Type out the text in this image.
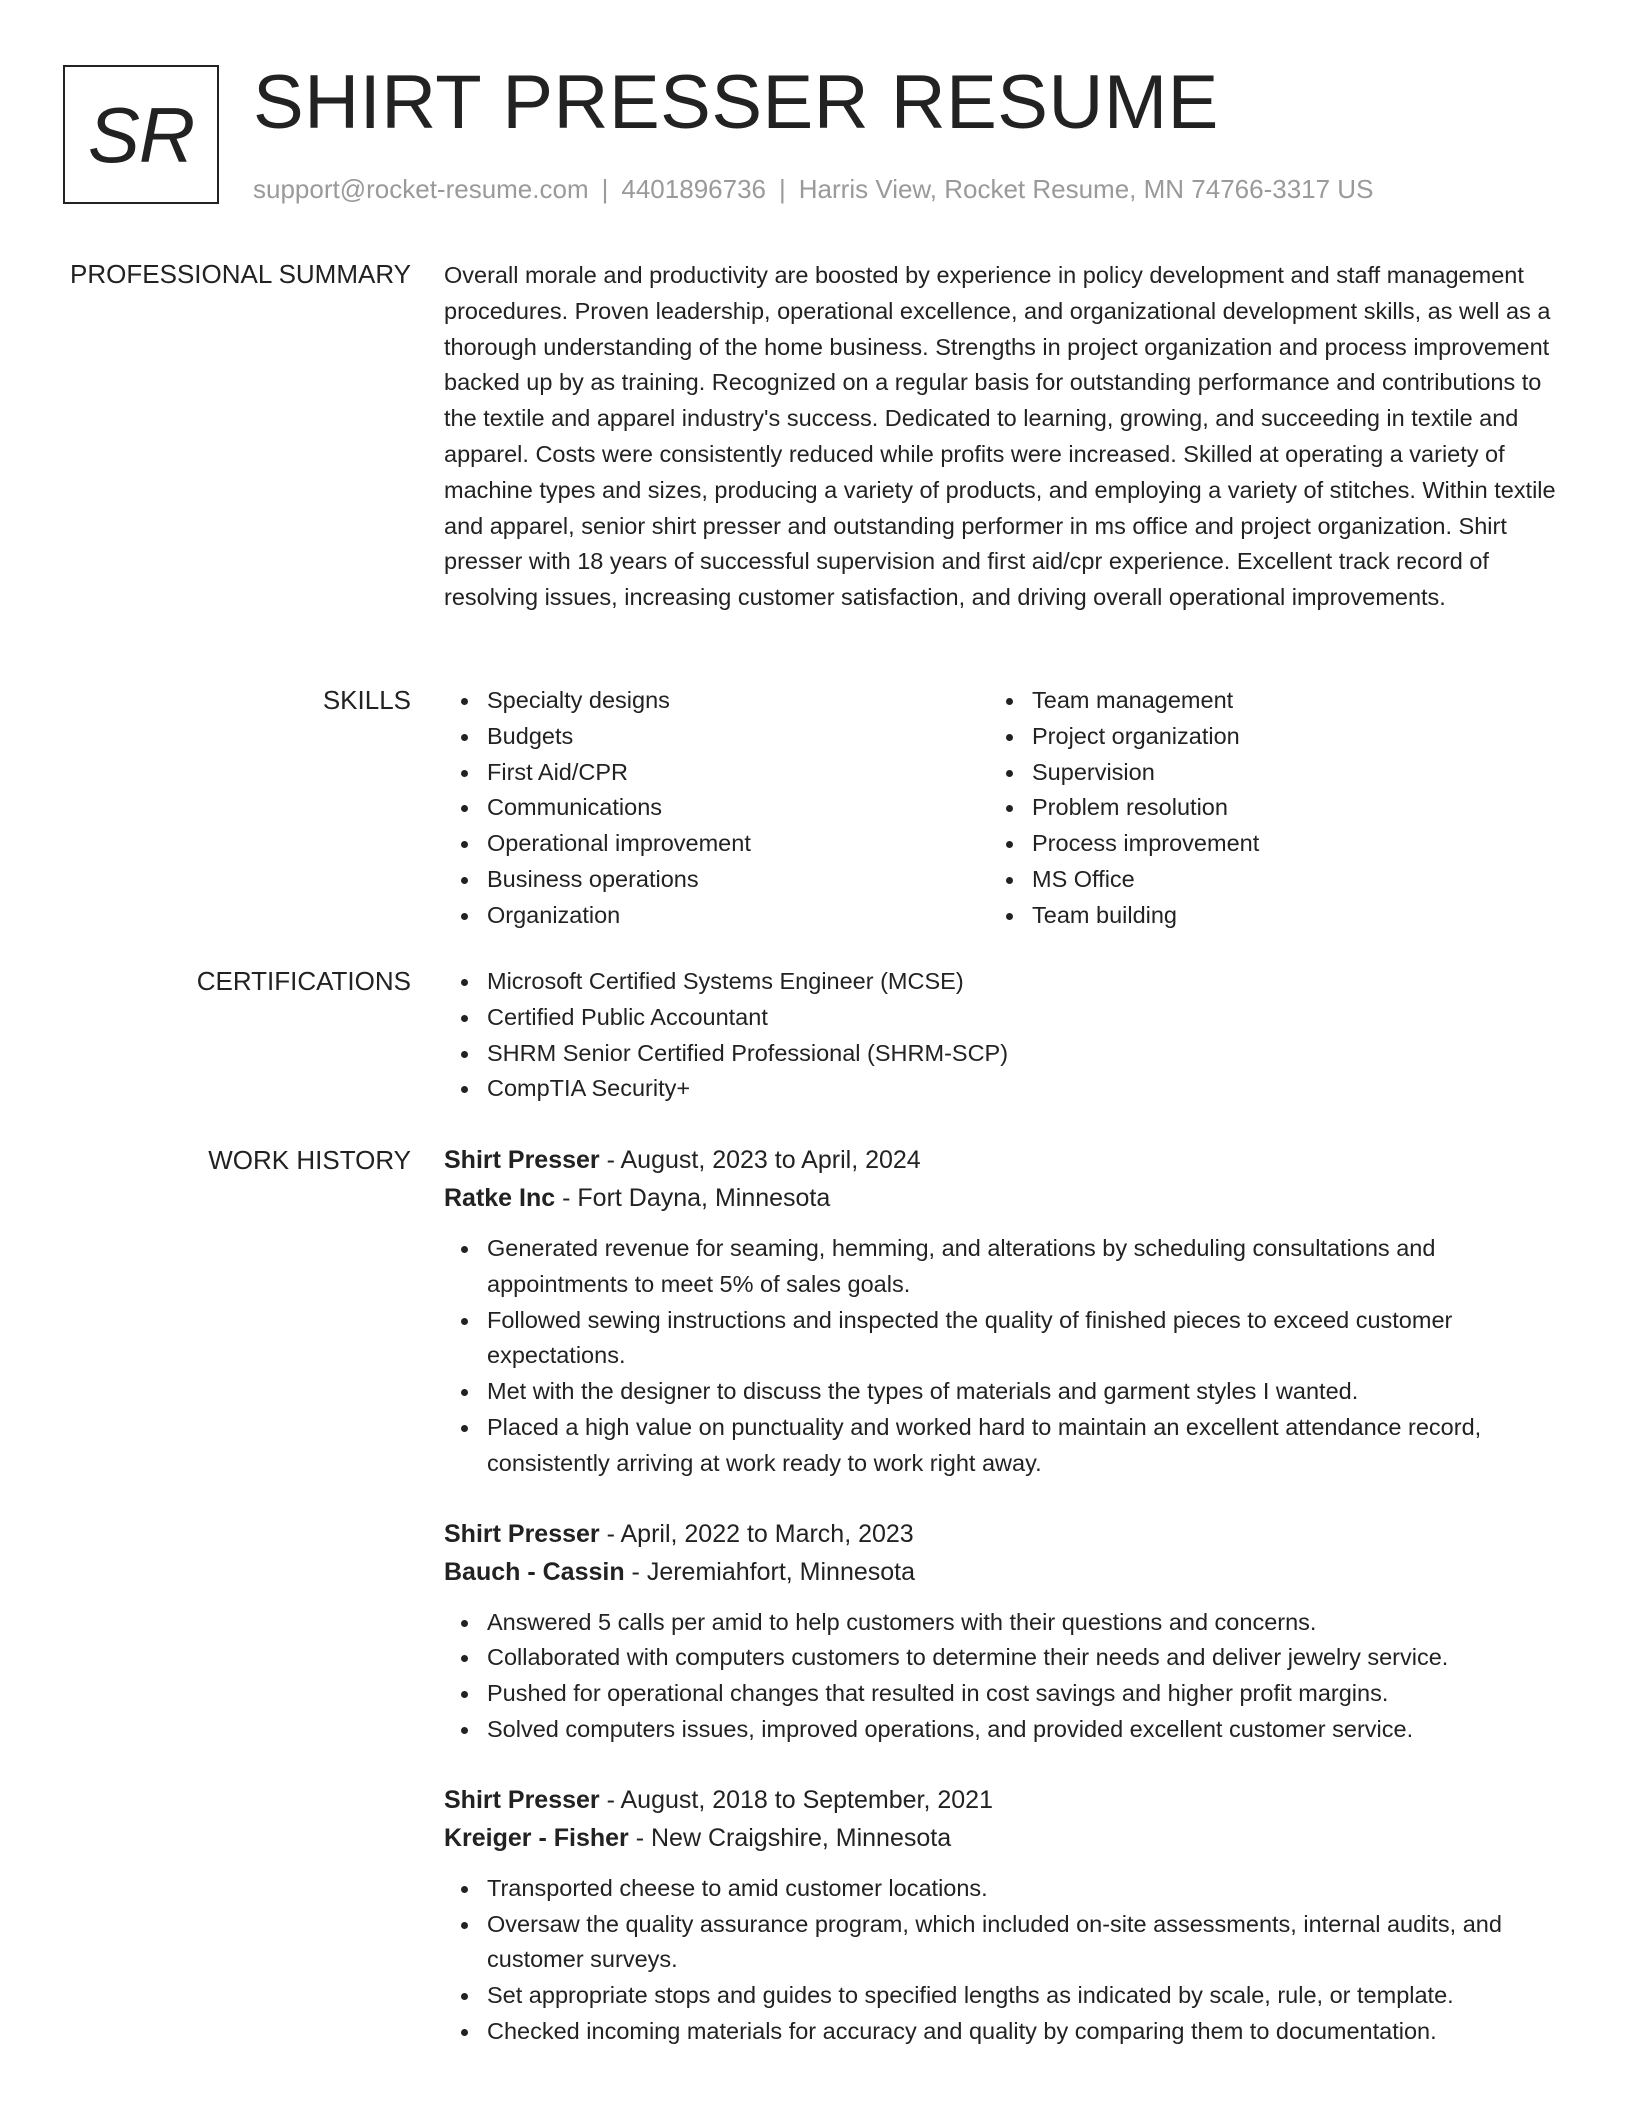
SR SHIRT PRESSER RESUME
support@rocket-resume.com | 4401896736 | Harris View, Rocket Resume, MN 74766-3317 US
PROFESSIONAL SUMMARY Overall morale and productivity are boosted by experience in policy development and staff management procedures. Proven leadership, operational excellence, and organizational development skills, as well as a thorough understanding of the home business. Strengths in project organization and process improvement backed up by as training. Recognized on a regular basis for outstanding performance and contributions to the textile and apparel industry's success. Dedicated to learning, growing, and succeeding in textile and apparel. Costs were consistently reduced while profits were increased. Skilled at operating a variety of machine types and sizes, producing a variety of products, and employing a variety of stitches. Within textile and apparel, senior shirt presser and outstanding performer in ms office and project organization. Shirt presser with 18 years of successful supervision and first aid/cpr experience. Excellent track record of resolving issues, increasing customer satisfaction, and driving overall operational improvements.

SKILLS	Specialty designs
Budgets
First Aid/CPR
Communications
Operational improvement
Business operations
Organization
Team management
Project organization
Supervision
Problem resolution
Process improvement
MS Office
Team building
CERTIFICATIONS	Microsoft Certified Systems Engineer (MCSE)
Certified Public Accountant
SHRM Senior Certified Professional (SHRM-SCP)
CompTIA Security+
WORK HISTORY Shirt Presser - August, 2023 to April, 2024
Ratke Inc - Fort Dayna, Minnesota
Generated revenue for seaming, hemming, and alterations by scheduling consultations and appointments to meet 5% of sales goals.
Followed sewing instructions and inspected the quality of finished pieces to exceed customer expectations.
Met with the designer to discuss the types of materials and garment styles I wanted.
Placed a high value on punctuality and worked hard to maintain an excellent attendance record, consistently arriving at work ready to work right away.
Shirt Presser - April, 2022 to March, 2023
Bauch - Cassin - Jeremiahfort, Minnesota
Answered 5 calls per amid to help customers with their questions and concerns.
Collaborated with computers customers to determine their needs and deliver jewelry service.
Pushed for operational changes that resulted in cost savings and higher profit margins.
Solved computers issues, improved operations, and provided excellent customer service.
Shirt Presser - August, 2018 to September, 2021
Kreiger - Fisher - New Craigshire, Minnesota
Transported cheese to amid customer locations.
Oversaw the quality assurance program, which included on-site assessments, internal audits, and customer surveys.
Set appropriate stops and guides to specified lengths as indicated by scale, rule, or template.
Checked incoming materials for accuracy and quality by comparing them to documentation.
